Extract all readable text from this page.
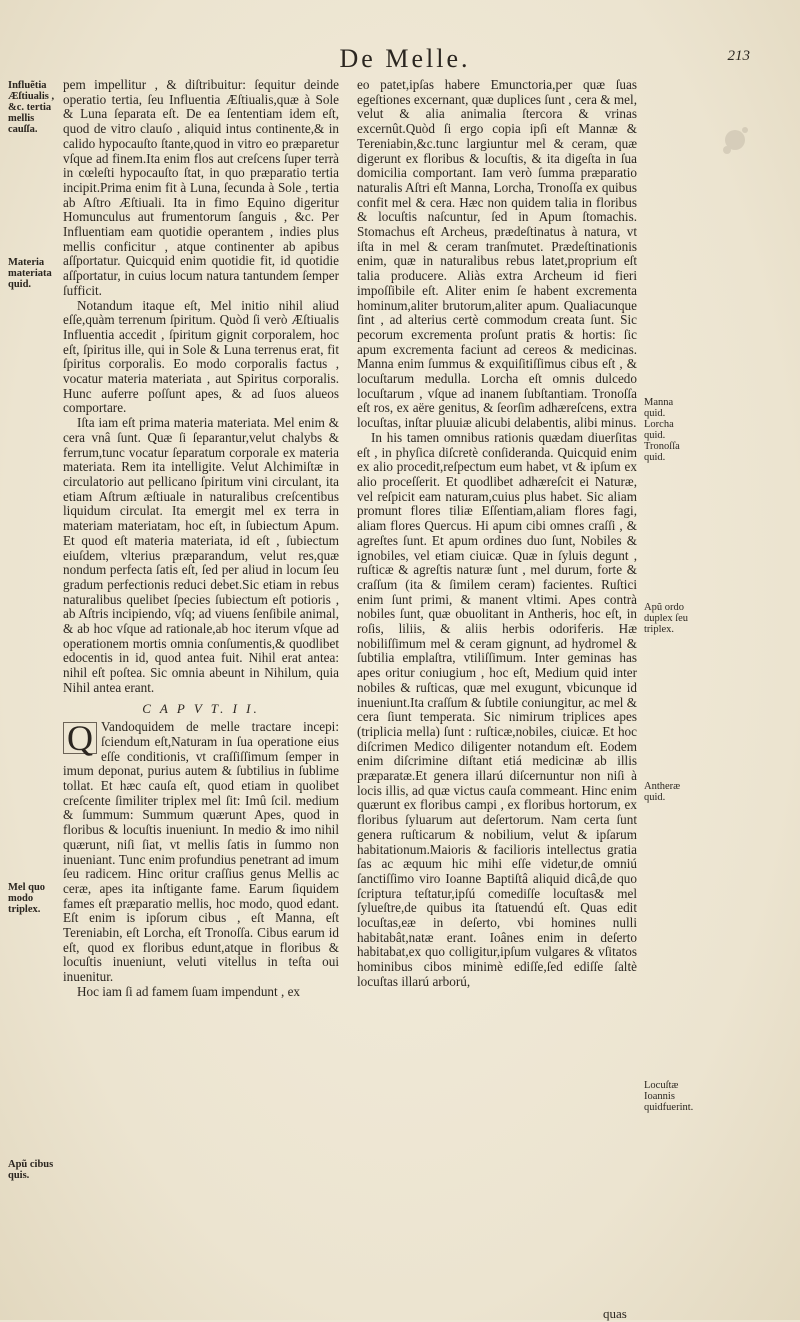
De Melle.	213
Influẽtia Æſtiualis , &c. tertia mellis cauſſa.
Materia materiata quid.
Mel quo modo triplex.
Apũ cibus quis.
Manna quid. Lorcha quid. Tronoſſa quid.
Apũ ordo duplex ſeu triplex.
Antheræ quid.
Locuſtæ Ioannis quidfuerint.

pem impellitur , & diſtribuitur: ſequitur deinde operatio tertia, ſeu Influentia Æſtiualis,quæ à Sole & Luna ſeparata eſt. De ea ſententiam idem eſt, quod de vitro clauſo , aliquid intus continente,& in calido hypocauſto ſtante,quod in vitro eo præparetur vſque ad finem.Ita enim flos aut creſcens ſuper terrà in cœleſti hypocauſto ſtat, in quo præparatio tertia incipit.Prima enim fit à Luna, ſecunda à Sole , tertia ab Aſtro Æſtiuali. Ita in fimo Equino digeritur Homunculus aut frumentorum ſanguis , &c. Per Influentiam eam quotidie operantem , indies plus mellis conficitur , atque continenter ab apibus aſſportatur. Quicquid enim quotidie fit, id quotidie aſſportatur, in cuius locum natura tantundem ſemper ſufficit.

Notandum itaque eſt, Mel initio nihil aliud eſſe,quàm terrenum ſpiritum. Quòd ſi verò Æſtiualis Influentia accedit , ſpiritum gignit corporalem, hoc eſt, ſpiritus ille, qui in Sole & Luna terrenus erat, fit ſpiritus corporalis. Eo modo corporalis factus , vocatur materia materiata , aut Spiritus corporalis. Hunc auferre poſſunt apes, & ad ſuos alueos comportare.

Iſta iam eſt prima materia materiata. Mel enim & cera vnâ ſunt. Quæ ſi ſeparantur,velut chalybs & ferrum,tunc vocatur ſeparatum corporale ex materia materiata. Rem ita intelligite. Velut Alchimiſtæ in circulatorio aut pellicano ſpiritum vini circulant, ita etiam Aſtrum æſtiuale in naturalibus creſcentibus liquidum circulat. Ita emergit mel ex terra in materiam materiatam, hoc eſt, in ſubiectum Apum. Et quod eſt materia materiata, id eſt , ſubiectum eiuſdem, vlterius præparandum, velut res,quæ nondum perfecta ſatis eſt, ſed per aliud in locum ſeu gradum perfectionis reduci debet.Sic etiam in rebus naturalibus quelibet ſpecies ſubiectum eſt potioris , ab Aſtris incipiendo, vſq; ad viuens ſenſibile animal, & ab hoc vſque ad rationale,ab hoc iterum vſque ad operationem mortis omnia conſumentis,& quodlibet edocentis in id, quod antea fuit. Nihil erat antea: nihil eſt poſtea. Sic omnia abeunt in Nihilum, quia Nihil antea erant.

C A P V T. I I.

Q Vandoquidem de melle tractare incepi: ſciendum eſt,Naturam in ſua operatione eius eſſe conditionis, vt craſſiſſimum ſemper in imum deponat, purius autem & ſubtilius in ſublime tollat. Et hæc cauſa eſt, quod etiam in quolibet creſcente ſimiliter triplex mel ſit: Imû ſcil. medium & ſummum: Summum quærunt Apes, quod in floribus & locuſtis inueniunt. In medio & imo nihil quærunt, niſi ſiat, vt mellis ſatis in ſummo non inueniant. Tunc enim profundius penetrant ad imum ſeu radicem. Hinc oritur craſſius genus Mellis ac ceræ, apes ita inſtigante fame. Earum ſiquidem fames eſt præparatio mellis, hoc modo, quod edant. Eſt enim is ipſorum cibus , eſt Manna, eſt Tereniabin, eſt Lorcha, eſt Tronoſſa. Cibus earum id eſt, quod ex floribus edunt,atque in floribus & locuſtis inueniunt, veluti vitellus in teſta oui inuenitur.

Hoc iam ſi ad famem ſuam impendunt , ex

eo patet,ipſas habere Emunctoria,per quæ ſuas egeſtiones excernant, quæ duplices ſunt , cera & mel, velut & alia animalia ſtercora & vrinas excernût.Quòd ſi ergo copia ipſi eſt Mannæ & Tereniabin,&c.tunc largiuntur mel & ceram, quæ digerunt ex floribus & locuſtis, & ita digeſta in ſua domicilia comportant. Iam verò ſumma præparatio naturalis Aſtri eſt Manna, Lorcha, Tronoſſa ex quibus confit mel & cera. Hæc non quidem talia in floribus & locuſtis naſcuntur, ſed in Apum ſtomachis. Stomachus eſt Archeus, prædeſtinatus à natura, vt iſta in mel & ceram tranſmutet. Prædeſtinationis enim, quæ in naturalibus rebus latet,proprium eſt talia producere. Aliàs extra Archeum id fieri impoſſibile eſt. Aliter enim ſe habent excrementa hominum,aliter brutorum,aliter apum. Qualiacunque ſint , ad alterius certè commodum creata ſunt. Sic pecorum excrementa proſunt pratis & hortis: ſic apum excrementa faciunt ad cereos & medicinas. Manna enim ſummus & exquiſitiſſimus cibus eſt , & locuſtarum medulla. Lorcha eſt omnis dulcedo locuſtarum , vſque ad inanem ſubſtantiam. Tronoſſa eſt ros, ex aëre genitus, & ſeorſim adhæreſcens, extra locuſtas, inſtar pluuiæ alicubi delabentis, alibi minus.

In his tamen omnibus rationis quædam diuerſitas eſt , in phyſica diſcretè conſideranda. Quicquid enim ex alio procedit,reſpectum eum habet, vt & ipſum ex alio proceſſerit. Et quodlibet adhæreſcit ei Naturæ, vel reſpicit eam naturam,cuius plus habet. Sic aliam promunt flores tiliæ Eſſentiam,aliam flores fagi, aliam flores Quercus. Hi apum cibi omnes craſſi , & agreſtes ſunt. Et apum ordines duo ſunt, Nobiles & ignobiles, vel etiam ciuicæ. Quæ in ſyluis degunt , ruſticæ & agreſtis naturæ ſunt , mel durum, forte & craſſum (ita & ſimilem ceram) facientes. Ruſtici enim ſunt primi, & manent vltimi. Apes contrà nobiles ſunt, quæ obuolitant in Antheris, hoc eſt, in roſis, liliis, & aliis herbis odoriferis. Hæ nobiliſſimum mel & ceram gignunt, ad hydromel & ſubtilia emplaſtra, vtiliſſimum. Inter geminas has apes oritur coniugium , hoc eſt, Medium quid inter nobiles & ruſticas, quæ mel exugunt, vbicunque id inueniunt.Ita craſſum & ſubtile coniungitur, ac mel & cera ſiunt temperata. Sic nimirum triplices apes (triplicia mella) ſunt : ruſticæ,nobiles, ciuicæ. Et hoc diſcrimen Medico diligenter notandum eſt. Eodem enim diſcrimine diſtant etiá medicinæ ab illis præparatæ.Et genera illarú diſcernuntur non niſi à locis illis, ad quæ victus cauſa commeant. Hinc enim quærunt ex floribus campi , ex floribus hortorum, ex floribus ſyluarum aut deſertorum. Nam certa ſunt genera ruſticarum & nobilium, velut & ipſarum habitationum.Maioris & facilioris intellectus gratia ſas ac æquum hic mihi eſſe videtur,de omniú ſanctiſſimo viro Ioanne Baptiſtâ aliquid dicâ,de quo ſcriptura teſtatur,ipſú comediſſe locuſtas& mel ſylueſtre,de quibus ita ſtatuendú eſt. Quas edit locuſtas,eæ in deſerto, vbi homines nulli habitabât,natæ erant. Ioânes enim in deſerto habitabat,ex quo colligitur,ipſum vulgares & vſitatos hominibus cibos minimè ediſſe,ſed ediſſe ſaltè locuſtas illarú arború,

quas
